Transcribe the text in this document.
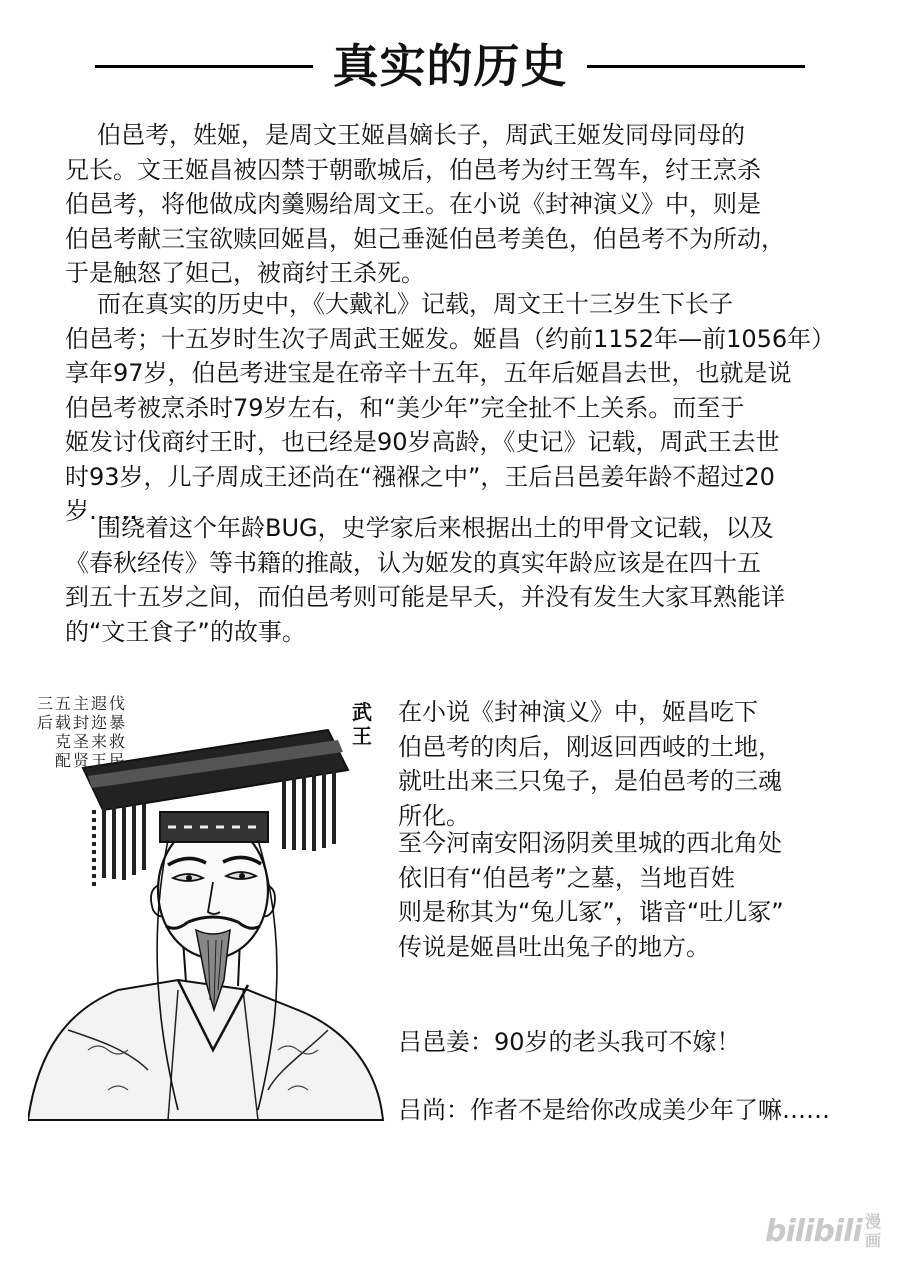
真实的历史
伯邑考，姓姬，是周文王姬昌嫡长子，周武王姬发同母同母的
兄长。文王姬昌被囚禁于朝歌城后，伯邑考为纣王驾车，纣王烹杀
伯邑考，将他做成肉羹赐给周文王。在小说《封神演义》中，则是
伯邑考献三宝欲赎回姬昌，妲己垂涎伯邑考美色，伯邑考不为所动，
于是触怒了妲己，被商纣王杀死。
而在真实的历史中，《大戴礼》记载，周文王十三岁生下长子
伯邑考；十五岁时生次子周武王姬发。姬昌（约前1152年—前1056年）
享年97岁，伯邑考进宝是在帝辛十五年，五年后姬昌去世，也就是说
伯邑考被烹杀时79岁左右，和“美少年”完全扯不上关系。而至于
姬发讨伐商纣王时，也已经是90岁高龄，《史记》记载，周武王去世
时93岁，儿子周成王还尚在“襁褓之中”，王后吕邑姜年龄不超过20
岁……
围绕着这个年龄BUG，史学家后来根据出土的甲骨文记载，以及
《春秋经传》等书籍的推敲，认为姬发的真实年龄应该是在四十五
到五十五岁之间，而伯邑考则可能是早夭，并没有发生大家耳熟能详
的“文王食子”的故事。
三后
五载克配
主封圣贤
遐迩来王
伐暴救民
武王
在小说《封神演义》中，姬昌吃下
伯邑考的肉后，刚返回西岐的土地，
就吐出来三只兔子，是伯邑考的三魂
所化。
至今河南安阳汤阴羑里城的西北角处
依旧有“伯邑考”之墓，当地百姓
则是称其为“兔儿冢”，谐音“吐儿冢”
传说是姬昌吐出兔子的地方。
吕邑姜：90岁的老头我可不嫁！
吕尚：作者不是给你改成美少年了嘛……
bilibili 漫画
